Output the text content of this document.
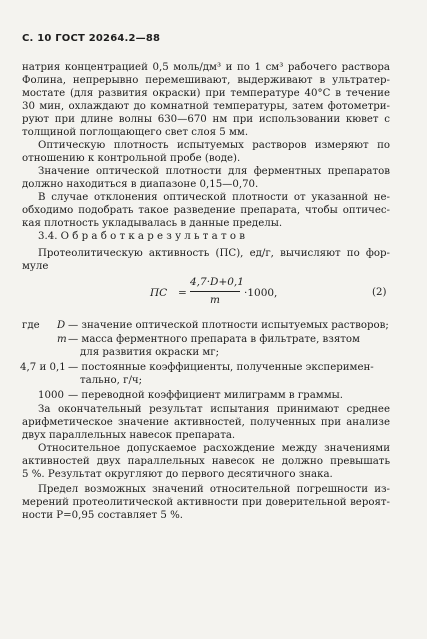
С. 10 ГОСТ 20264.2—88
натрия концентрацией 0,5 моль/дм³ и по 1 см³ рабочего раствора
Фолина, непрерывно перемешивают, выдерживают в ультратер-
мостате (для развития окраски) при температуре 40°С в течение
30 мин, охлаждают до комнатной температуры, затем фотометри-
руют при длине волны 630—670 нм при использовании кювет с
толщиной поглощающего свет слоя 5 мм.
Оптическую плотность испытуемых растворов измеряют по
отношению к контрольной пробе (воде).
Значение оптической плотности для ферментных препаратов
должно находиться в диапазоне 0,15—0,70.
В случае отклонения оптической плотности от указанной не-
обходимо подобрать такое разведение препарата, чтобы оптичес-
кая плотность укладывалась в данные пределы.
3.4. О б р а б о т к а р е з у л ь т а т о в
Протеолитическую активность (ПС), ед/г, вычисляют по фор-
муле
ПС =
4,7·D+0,1
m
·1000,	(2)
где D — значение оптической плотности испытуемых растворов;
m — масса ферментного препарата в фильтрате, взятом
для развития окраски мг;
4,7 и 0,1 — постоянные коэффициенты, полученные эксперимен-
тально, г/ч;
1000 — переводной коэффициент милиграмм в граммы.
За окончательный результат испытания принимают среднее
арифметическое значение активностей, полученных при анализе
двух параллельных навесок препарата.
Относительное допускаемое расхождение между значениями
активностей двух параллельных навесок не должно превышать
5 %. Результат округляют до первого десятичного знака.
Предел возможных значений относительной погрешности из-
мерений протеолитической активности при доверительной вероят-
ности P=0,95 составляет 5 %.
